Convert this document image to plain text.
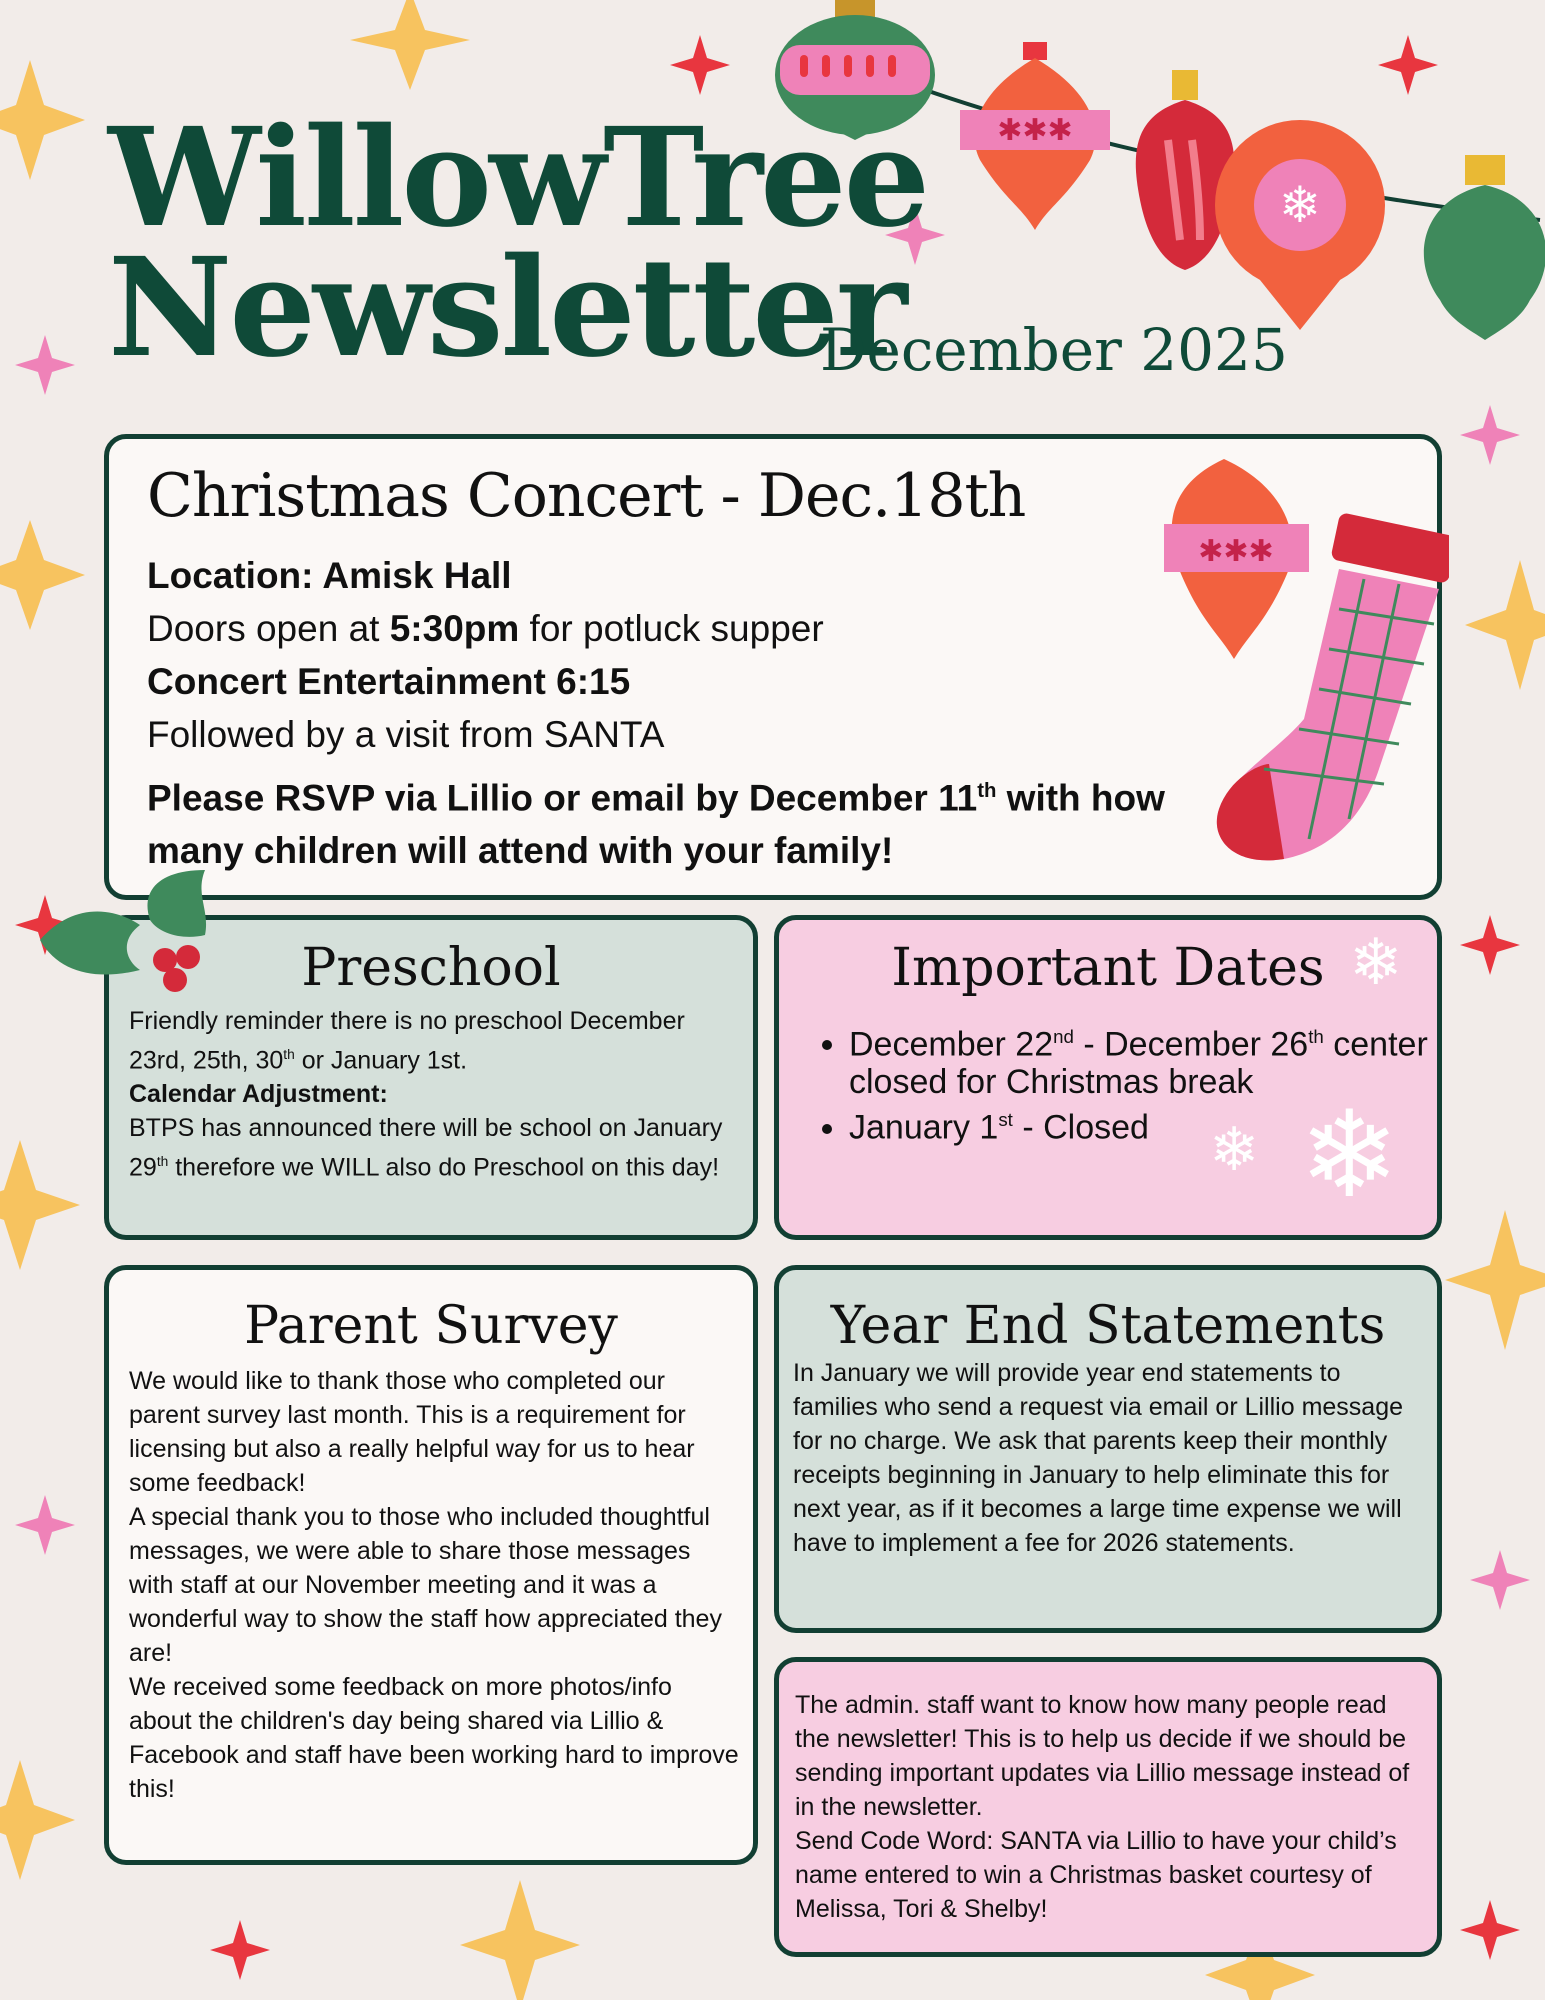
✱✱✱
❄
WillowTree
Newsletter
December 2025
Christmas Concert - Dec.18th
Location: Amisk Hall
Doors open at 5:30pm for potluck supper
Concert Entertainment 6:15
Followed by a visit from SANTA
Please RSVP via Lillio or email by December 11th with how many children will attend with your family!
✱✱✱
Preschool
Friendly reminder there is no preschool December 23rd, 25th, 30th or January 1st.
Calendar Adjustment:
BTPS has announced there will be school on January 29th therefore we WILL also do Preschool on this day!
Important Dates
• December 22nd - December 26th center closed for Christmas break
• January 1st - Closed
❄
❄ ❄
Parent Survey
We would like to thank those who completed our parent survey last month. This is a requirement for licensing but also a really helpful way for us to hear some feedback!
A special thank you to those who included thoughtful messages, we were able to share those messages with staff at our November meeting and it was a wonderful way to show the staff how appreciated they are!
We received some feedback on more photos/info about the children's day being shared via Lillio & Facebook and staff have been working hard to improve this!
Year End Statements
In January we will provide year end statements to families who send a request via email or Lillio message for no charge. We ask that parents keep their monthly receipts beginning in January to help eliminate this for next year, as if it becomes a large time expense we will have to implement a fee for 2026 statements.
The admin. staff want to know how many people read the newsletter! This is to help us decide if we should be sending important updates via Lillio message instead of in the newsletter.
Send Code Word: SANTA via Lillio to have your child’s name entered to win a Christmas basket courtesy of Melissa, Tori & Shelby!
